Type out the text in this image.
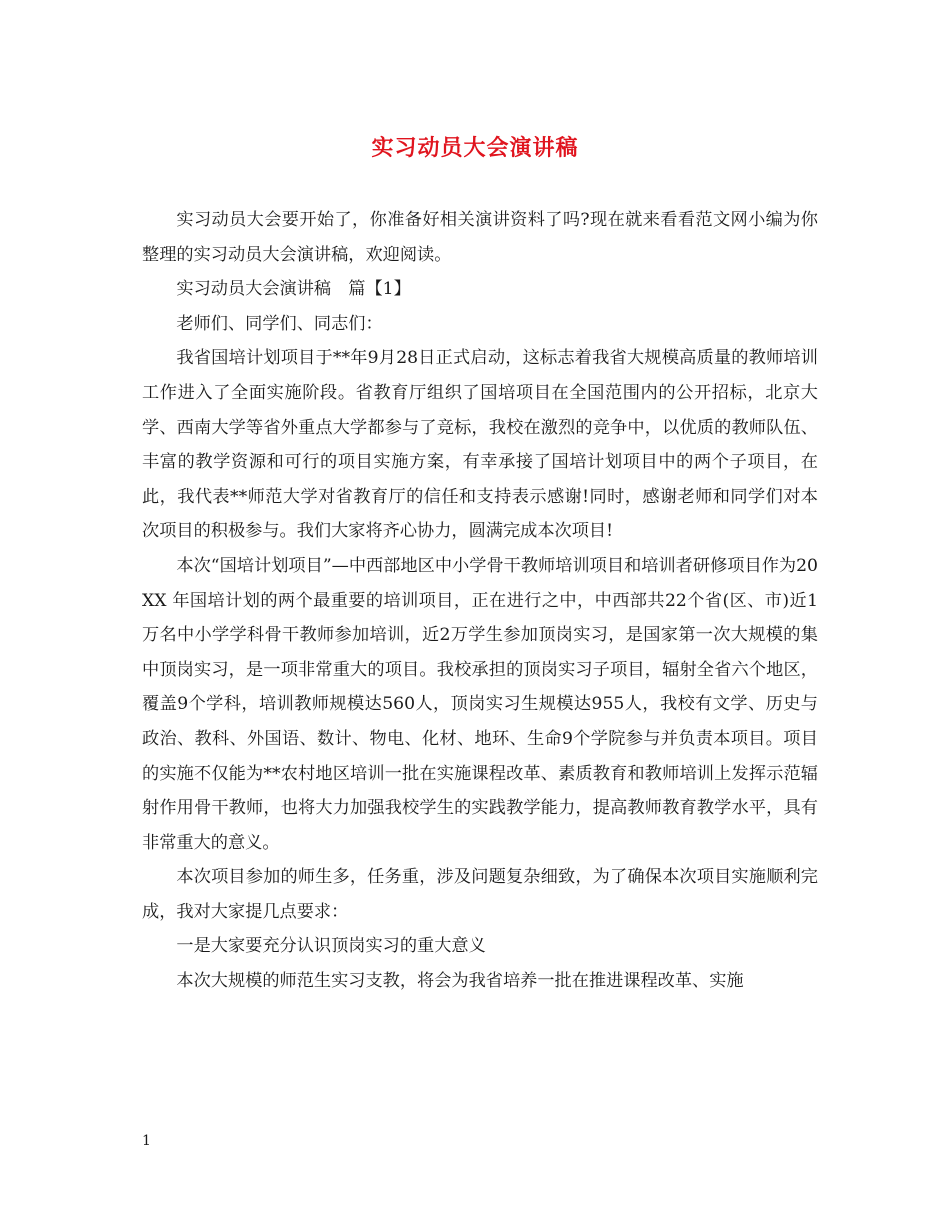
实习动员大会演讲稿

实习动员大会要开始了，你准备好相关演讲资料了吗?现在就来看看范文网小编为你整理的实习动员大会演讲稿，欢迎阅读。

实习动员大会演讲稿　篇【1】

老师们、同学们、同志们：

我省国培计划项目于**年9月28日正式启动，这标志着我省大规模高质量的教师培训工作进入了全面实施阶段。省教育厅组织了国培项目在全国范围内的公开招标，北京大学、西南大学等省外重点大学都参与了竞标，我校在激烈的竞争中，以优质的教师队伍、丰富的教学资源和可行的项目实施方案，有幸承接了国培计划项目中的两个子项目，在此，我代表**师范大学对省教育厅的信任和支持表示感谢!同时，感谢老师和同学们对本次项目的积极参与。我们大家将齐心协力，圆满完成本次项目!

本次“国培计划项目”—中西部地区中小学骨干教师培训项目和培训者研修项目作为20XX 年国培计划的两个最重要的培训项目，正在进行之中，中西部共22个省(区、市)近1万名中小学学科骨干教师参加培训，近2万学生参加顶岗实习，是国家第一次大规模的集中顶岗实习，是一项非常重大的项目。我校承担的顶岗实习子项目，辐射全省六个地区，覆盖9个学科，培训教师规模达560人，顶岗实习生规模达955人，我校有文学、历史与政治、教科、外国语、数计、物电、化材、地环、生命9个学院参与并负责本项目。项目的实施不仅能为**农村地区培训一批在实施课程改革、素质教育和教师培训上发挥示范辐射作用骨干教师，也将大力加强我校学生的实践教学能力，提高教师教育教学水平，具有非常重大的意义。

本次项目参加的师生多，任务重，涉及问题复杂细致，为了确保本次项目实施顺利完成，我对大家提几点要求：

一是大家要充分认识顶岗实习的重大意义

本次大规模的师范生实习支教，将会为我省培养一批在推进课程改革、实施

1
